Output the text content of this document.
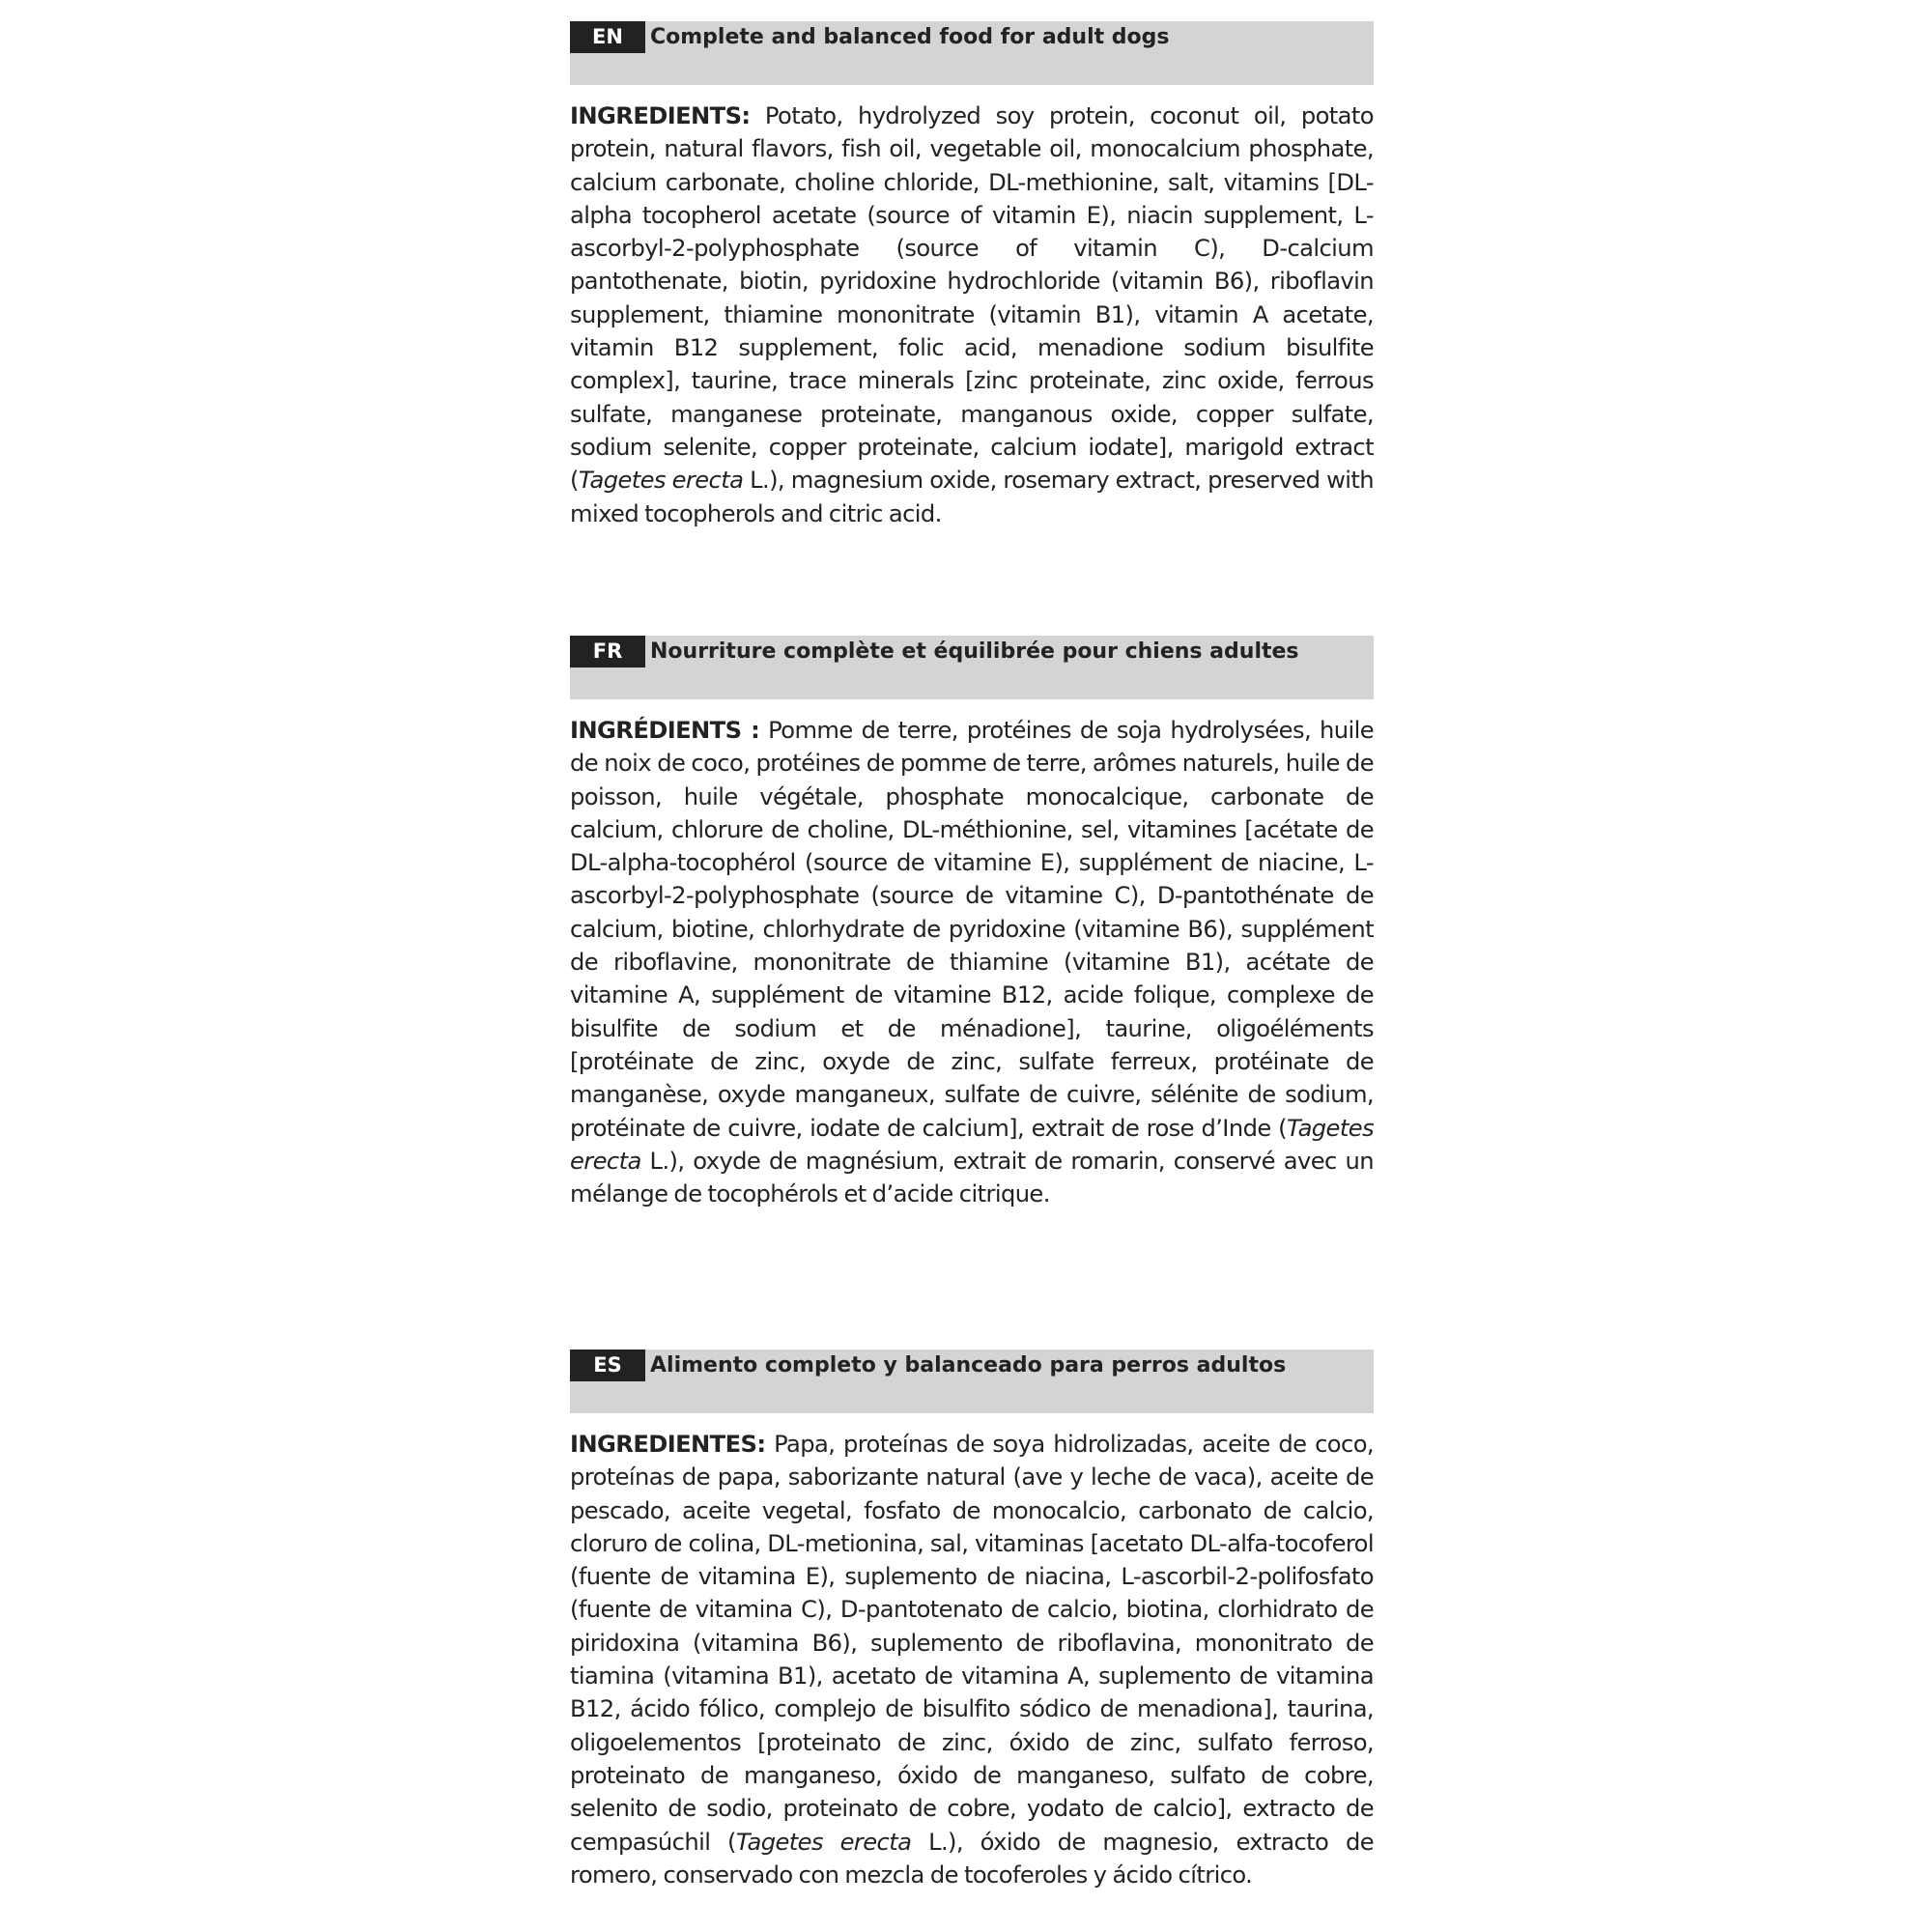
EN	Complete and balanced food for adult dogs

INGREDIENTS: Potato, hydrolyzed soy protein, coconut oil, potato protein, natural flavors, fish oil, vegetable oil, monocalcium phosphate, calcium carbonate, choline chloride, DL-methionine, salt, vitamins [DL-alpha tocopherol acetate (source of vitamin E), niacin supplement, L-ascorbyl-2-polyphosphate (source of vitamin C), D-calcium pantothenate, biotin, pyridoxine hydrochloride (vitamin B6), riboflavin supplement, thiamine mononitrate (vitamin B1), vitamin A acetate, vitamin B12 supplement, folic acid, menadione sodium bisulfite complex], taurine, trace minerals [zinc proteinate, zinc oxide, ferrous sulfate, manganese proteinate, manganous oxide, copper sulfate, sodium selenite, copper proteinate, calcium iodate], marigold extract (Tagetes erecta L.), magnesium oxide, rosemary extract, preserved with mixed tocopherols and citric acid.

FR	Nourriture complète et équilibrée pour chiens adultes

INGRÉDIENTS : Pomme de terre, protéines de soja hydrolysées, huile de noix de coco, protéines de pomme de terre, arômes naturels, huile de poisson, huile végétale, phosphate monocalcique, carbonate de calcium, chlorure de choline, DL-méthionine, sel, vitamines [acétate de DL-alpha-tocophérol (source de vitamine E), supplément de niacine, L-ascorbyl-2-polyphosphate (source de vitamine C), D-pantothénate de calcium, biotine, chlorhydrate de pyridoxine (vitamine B6), supplément de riboflavine, mononitrate de thiamine (vitamine B1), acétate de vitamine A, supplément de vitamine B12, acide folique, complexe de bisulfite de sodium et de ménadione], taurine, oligoéléments [protéinate de zinc, oxyde de zinc, sulfate ferreux, protéinate de manganèse, oxyde manganeux, sulfate de cuivre, sélénite de sodium, protéinate de cuivre, iodate de calcium], extrait de rose d’Inde (Tagetes erecta L.), oxyde de magnésium, extrait de romarin, conservé avec un mélange de tocophérols et d’acide citrique.

ES	Alimento completo y balanceado para perros adultos

INGREDIENTES: Papa, proteínas de soya hidrolizadas, aceite de coco, proteínas de papa, saborizante natural (ave y leche de vaca), aceite de pescado, aceite vegetal, fosfato de monocalcio, carbonato de calcio, cloruro de colina, DL-metionina, sal, vitaminas [acetato DL-alfa-tocoferol (fuente de vitamina E), suplemento de niacina, L-ascorbil-2-polifosfato (fuente de vitamina C), D-pantotenato de calcio, biotina, clorhidrato de piridoxina (vitamina B6), suplemento de riboflavina, mononitrato de tiamina (vitamina B1), acetato de vitamina A, suplemento de vitamina B12, ácido fólico, complejo de bisulfito sódico de menadiona], taurina, oligoelementos [proteinato de zinc, óxido de zinc, sulfato ferroso, proteinato de manganeso, óxido de manganeso, sulfato de cobre, selenito de sodio, proteinato de cobre, yodato de calcio], extracto de cempasúchil (Tagetes erecta L.), óxido de magnesio, extracto de romero, conservado con mezcla de tocoferoles y ácido cítrico.
